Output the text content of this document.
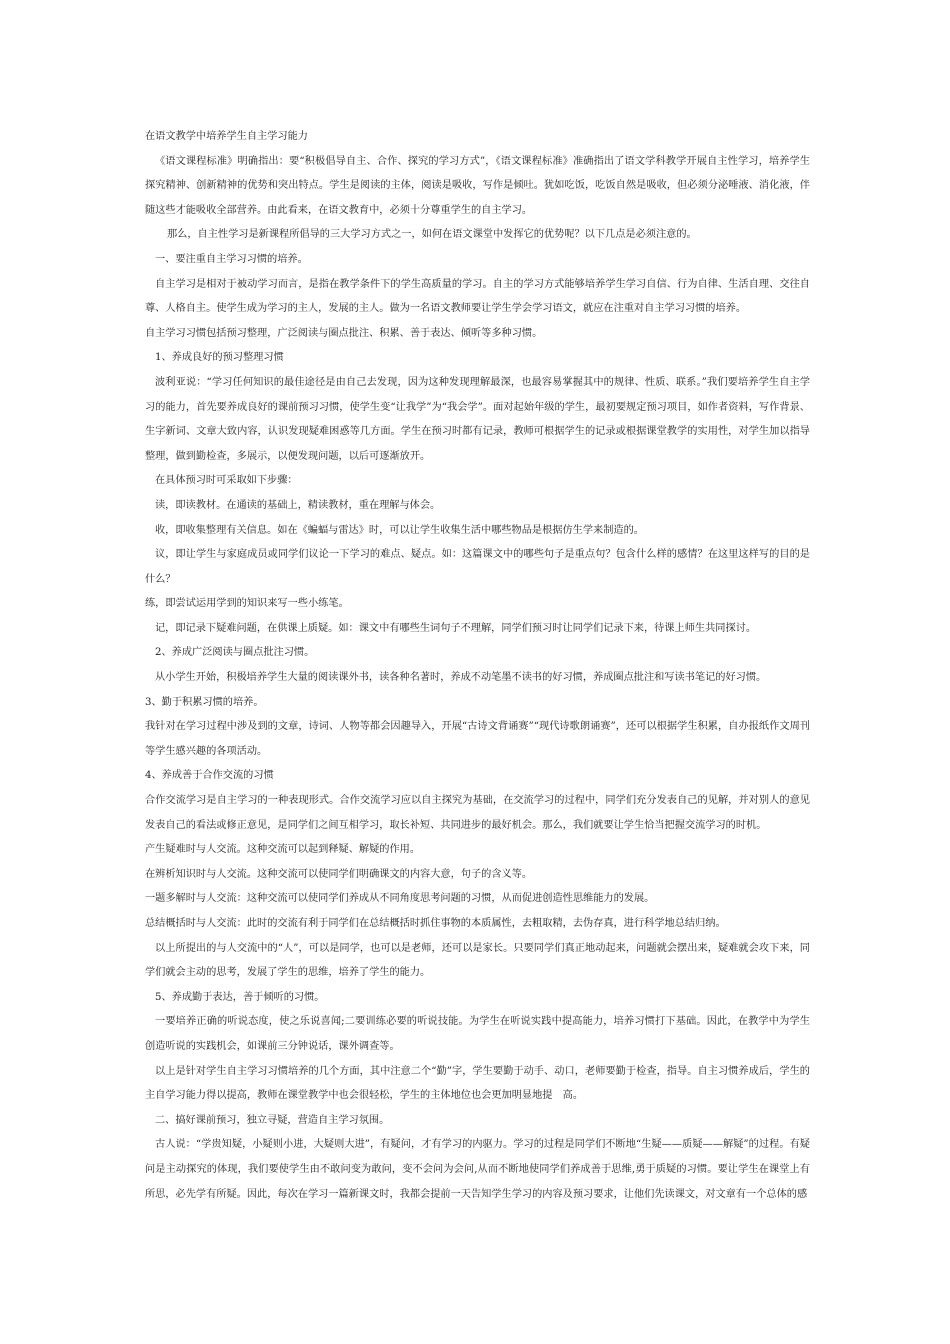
在语文教学中培养学生自主学习能力

《语文课程标准》明确指出：要“积极倡导自主、合作、探究的学习方式”，《语文课程标准》准确指出了语文学科教学开展自主性学习，培养学生探究精神、创新精神的优势和突出特点。学生是阅读的主体，阅读是吸收，写作是倾吐。犹如吃饭，吃饭自然是吸收，但必须分泌唾液、消化液，伴随这些才能吸收全部营养。由此看来，在语文教育中，必须十分尊重学生的自主学习。

那么，自主性学习是新课程所倡导的三大学习方式之一，如何在语文课堂中发挥它的优势呢？以下几点是必须注意的。

一、要注重自主学习习惯的培养。

自主学习是相对于被动学习而言，是指在教学条件下的学生高质量的学习。自主的学习方式能够培养学生学习自信、行为自律、生活自理、交往自尊、人格自主。使学生成为学习的主人，发展的主人。做为一名语文教师要让学生学会学习语文，就应在注重对自主学习习惯的培养。

自主学习习惯包括预习整理，广泛阅读与圈点批注、积累、善于表达、倾听等多种习惯。

1、养成良好的预习整理习惯

波利亚说：“学习任何知识的最佳途径是由自己去发现，因为这种发现理解最深，也最容易掌握其中的规律、性质、联系。”我们要培养学生自主学习的能力，首先要养成良好的课前预习习惯，使学生变“让我学”为“我会学”。面对起始年级的学生，最初要规定预习项目，如作者资料，写作背景、生字新词、文章大致内容，认识发现疑难困惑等几方面。学生在预习时都有记录，教师可根据学生的记录或根据课堂教学的实用性，对学生加以指导整理，做到勤检查，多展示，以便发现问题，以后可逐渐放开。

在具体预习时可采取如下步骤：

读，即读教材。在通读的基础上，精读教材，重在理解与体会。

收，即收集整理有关信息。如在《蝙蝠与雷达》时，可以让学生收集生活中哪些物品是根据仿生学来制造的。

议，即让学生与家庭成员或同学们议论一下学习的难点、疑点。如：这篇课文中的哪些句子是重点句？包含什么样的感情？在这里这样写的目的是什么？

练，即尝试运用学到的知识来写一些小练笔。

记，即记录下疑难问题，在供课上质疑。如：课文中有哪些生词句子不理解，同学们预习时让同学们记录下来，待课上师生共同探讨。

2、养成广泛阅读与圈点批注习惯。

从小学生开始，积极培养学生大量的阅读课外书，读各种名著时，养成不动笔墨不读书的好习惯，养成圈点批注和写读书笔记的好习惯。

3、勤于积累习惯的培养。

我针对在学习过程中涉及到的文章，诗词、人物等都会因趣导入，开展“古诗文背诵赛”“现代诗歌朗诵赛”，还可以根据学生积累，自办报纸作文周刊等学生感兴趣的各项活动。

4、养成善于合作交流的习惯

合作交流学习是自主学习的一种表现形式。合作交流学习应以自主探究为基础，在交流学习的过程中，同学们充分发表自己的见解，并对别人的意见发表自己的看法或修正意见，是同学们之间互相学习，取长补短、共同进步的最好机会。那么，我们就要让学生恰当把握交流学习的时机。

产生疑难时与人交流。这种交流可以起到释疑、解疑的作用。

在辨析知识时与人交流。这种交流可以使同学们明确课文的内容大意，句子的含义等。

一题多解时与人交流：这种交流可以使同学们养成从不同角度思考问题的习惯，从而促进创造性思维能力的发展。

总结概括时与人交流：此时的交流有利于同学们在总结概括时抓住事物的本质属性，去粗取精，去伪存真，进行科学地总结归纳。

以上所提出的与人交流中的“人”，可以是同学，也可以是老师，还可以是家长。只要同学们真正地动起来，问题就会摆出来，疑难就会攻下来，同学们就会主动的思考，发展了学生的思维，培养了学生的能力。

5、养成勤于表达，善于倾听的习惯。

一要培养正确的听说态度，使之乐说喜闻;二要训练必要的听说技能。为学生在听说实践中提高能力，培养习惯打下基础。因此，在教学中为学生创造听说的实践机会，如课前三分钟说话，课外调查等。

以上是针对学生自主学习习惯培养的几个方面，其中注意二个“勤”字，学生要勤于动手、动口，老师要勤于检查，指导。自主习惯养成后，学生的主自学习能力得以提高，教师在课堂教学中也会很轻松，学生的主体地位也会更加明显地提　高。

二、搞好课前预习，独立寻疑，营造自主学习氛围。

古人说：“学贵知疑，小疑则小进，大疑则大进”，有疑问，才有学习的内驱力。学习的过程是同学们不断地“生疑——质疑——解疑”的过程。有疑问是主动探究的体现，我们要使学生由不敢问变为敢问，变不会问为会问,从而不断地使同学们养成善于思维,勇于质疑的习惯。要让学生在课堂上有所思，必先学有所疑。因此，每次在学习一篇新课文时，我都会提前一天告知学生学习的内容及预习要求，让他们先读课文，对文章有一个总体的感
